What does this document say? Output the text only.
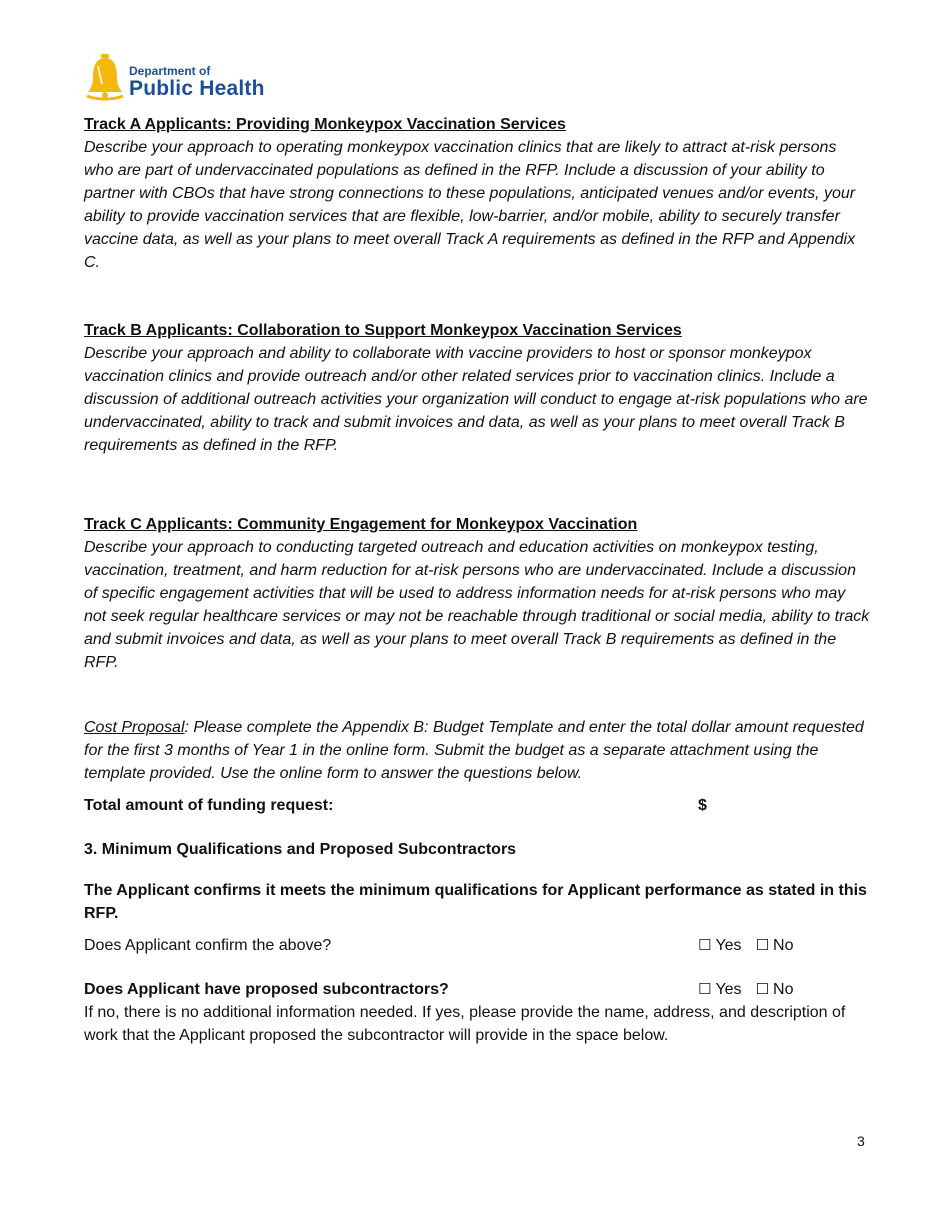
Department of
Public Health
Track A Applicants: Providing Monkeypox Vaccination Services
Describe your approach to operating monkeypox vaccination clinics that are likely to attract at-risk persons who are part of undervaccinated populations as defined in the RFP. Include a discussion of your ability to partner with CBOs that have strong connections to these populations, anticipated venues and/or events, your ability to provide vaccination services that are flexible, low-barrier, and/or mobile, ability to securely transfer vaccine data, as well as your plans to meet overall Track A requirements as defined in the RFP and Appendix C.
Track B Applicants: Collaboration to Support Monkeypox Vaccination Services
Describe your approach and ability to collaborate with vaccine providers to host or sponsor monkeypox vaccination clinics and provide outreach and/or other related services prior to vaccination clinics. Include a discussion of additional outreach activities your organization will conduct to engage at-risk populations who are undervaccinated, ability to track and submit invoices and data, as well as your plans to meet overall Track B requirements as defined in the RFP.
Track C Applicants: Community Engagement for Monkeypox Vaccination
Describe your approach to conducting targeted outreach and education activities on monkeypox testing, vaccination, treatment, and harm reduction for at-risk persons who are undervaccinated. Include a discussion of specific engagement activities that will be used to address information needs for at-risk persons who may not seek regular healthcare services or may not be reachable through traditional or social media, ability to track and submit invoices and data, as well as your plans to meet overall Track B requirements as defined in the RFP.
Cost Proposal: Please complete the Appendix B: Budget Template and enter the total dollar amount requested for the first 3 months of Year 1 in the online form. Submit the budget as a separate attachment using the template provided. Use the online form to answer the questions below.
Total amount of funding request:	$
3. Minimum Qualifications and Proposed Subcontractors
The Applicant confirms it meets the minimum qualifications for Applicant performance as stated in this RFP.
Does Applicant confirm the above?	☐ Yes ☐ No
Does Applicant have proposed subcontractors?	☐ Yes ☐ No
If no, there is no additional information needed. If yes, please provide the name, address, and description of work that the Applicant proposed the subcontractor will provide in the space below.
3
